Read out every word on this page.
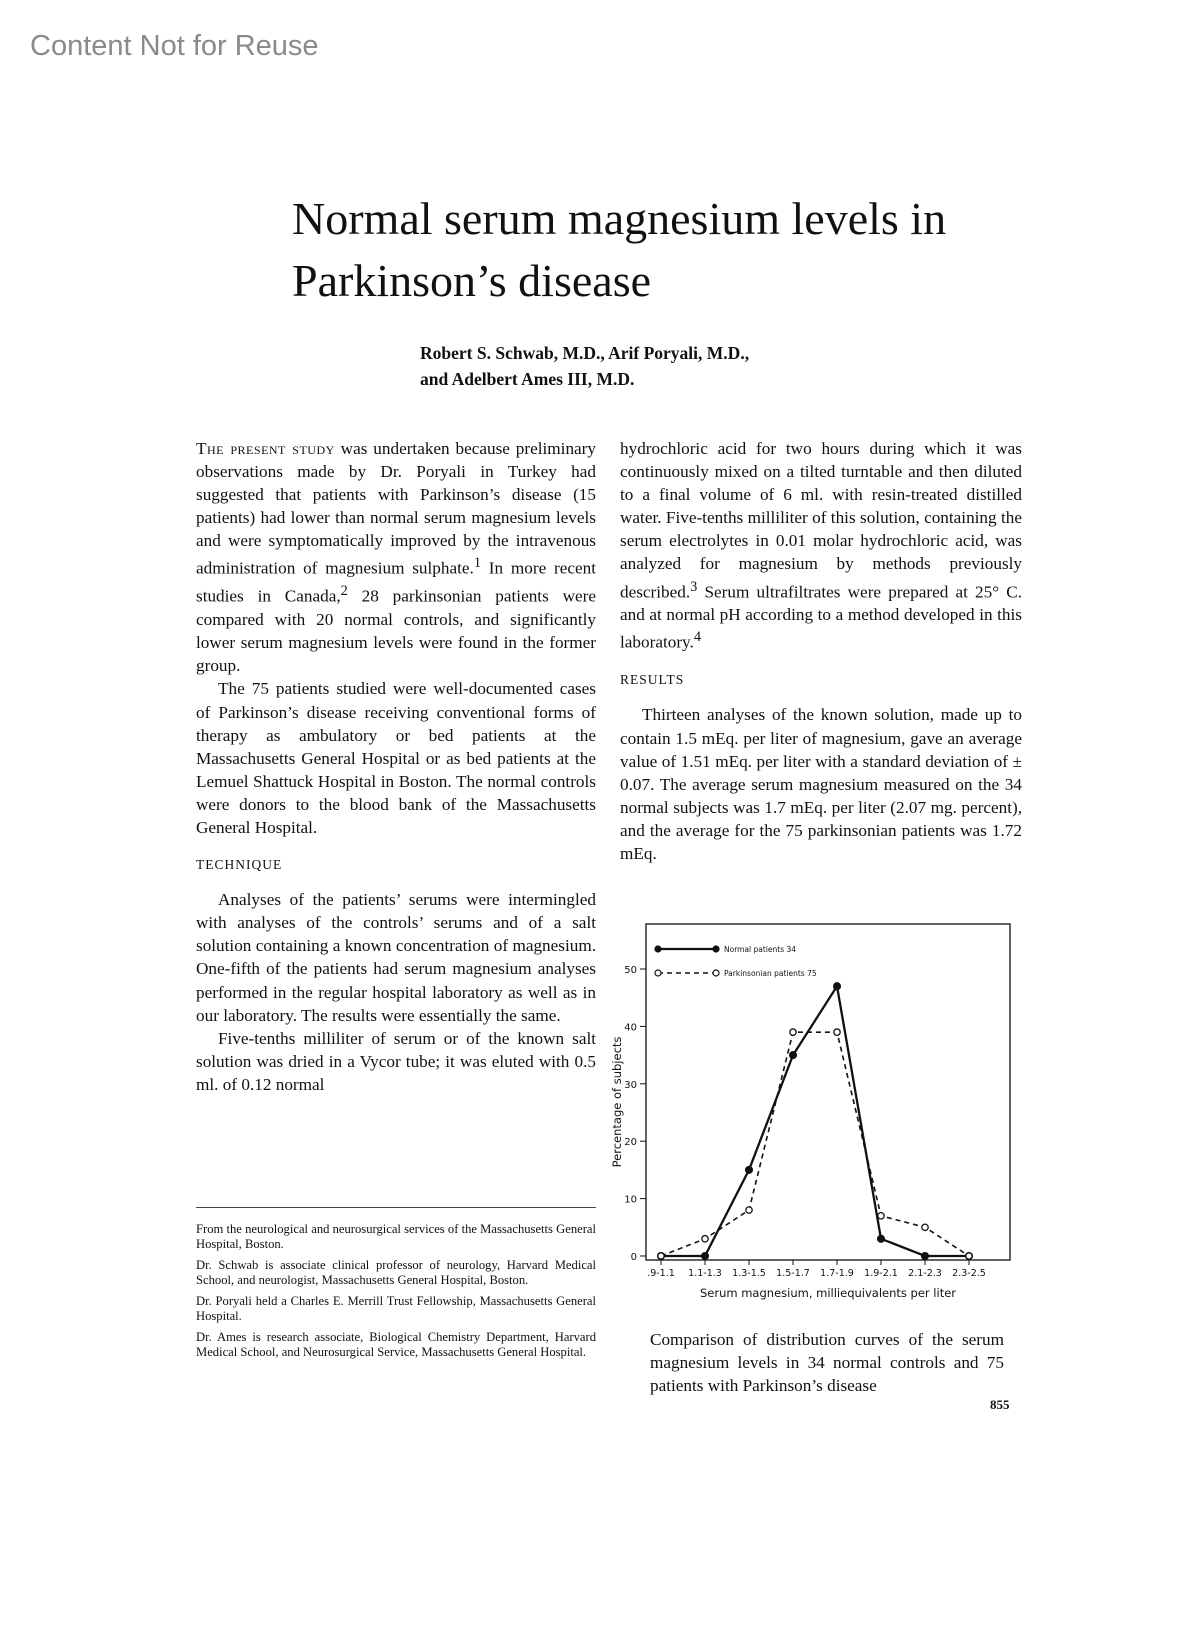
Content Not for Reuse
Normal serum magnesium levels in Parkinson’s disease
Robert S. Schwab, M.D., Arif Poryali, M.D.,
and Adelbert Ames III, M.D.

The present study was undertaken because preliminary observations made by Dr. Poryali in Turkey had suggested that patients with Parkinson’s disease (15 patients) had lower than normal serum magnesium levels and were symptomatically improved by the intravenous administration of magnesium sulphate.$^1$ In more recent studies in Canada,$^2$ 28 parkinsonian patients were compared with 20 normal controls, and significantly lower serum magnesium levels were found in the former group.

The 75 patients studied were well-documented cases of Parkinson’s disease receiving conventional forms of therapy as ambulatory or bed patients at the Massachusetts General Hospital or as bed patients at the Lemuel Shattuck Hospital in Boston. The normal controls were donors to the blood bank of the Massachusetts General Hospital.

TECHNIQUE

Analyses of the patients’ serums were intermingled with analyses of the controls’ serums and of a salt solution containing a known concentration of magnesium. One-fifth of the patients had serum magnesium analyses performed in the regular hospital laboratory as well as in our laboratory. The results were essentially the same.

Five-tenths milliliter of serum or of the known salt solution was dried in a Vycor tube; it was eluted with 0.5 ml. of 0.12 normal

hydrochloric acid for two hours during which it was continuously mixed on a tilted turntable and then diluted to a final volume of 6 ml. with resin-treated distilled water. Five-tenths milliliter of this solution, containing the serum electrolytes in 0.01 molar hydrochloric acid, was analyzed for magnesium by methods previously described.$^3$ Serum ultrafiltrates were prepared at 25° C. and at normal pH according to a method developed in this laboratory.$^4$

RESULTS

Thirteen analyses of the known solution, made up to contain 1.5 mEq. per liter of magnesium, gave an average value of 1.51 mEq. per liter with a standard deviation of ± 0.07. The average serum magnesium measured on the 34 normal subjects was 1.7 mEq. per liter (2.07 mg. percent), and the average for the 75 parkinsonian patients was 1.72 mEq.

From the neurological and neurosurgical services of the Massachusetts General Hospital, Boston.

Dr. Schwab is associate clinical professor of neurology, Harvard Medical School, and neurologist, Massachusetts General Hospital, Boston.

Dr. Poryali held a Charles E. Merrill Trust Fellowship, Massachusetts General Hospital.

Dr. Ames is research associate, Biological Chemistry Department, Harvard Medical School, and Neurosurgical Service, Massachusetts General Hospital.

0
10
20
30
40
50
.9-1.1 1.1-1.3 1.3-1.5 1.5-1.7 1.7-1.9 1.9-2.1 2.1-2.3 2.3-2.5
Serum magnesium, milliequivalents per liter
Percentage of subjects
Normal patients 34
Parkinsonian patients 75
Comparison of distribution curves of the serum magnesium levels in 34 normal controls and 75 patients with Parkinson’s disease
855
